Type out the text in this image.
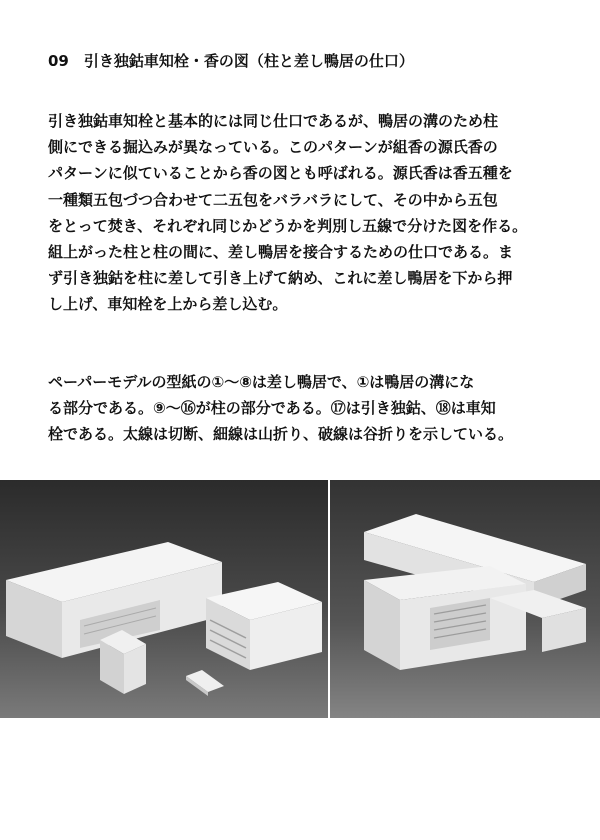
09　引き独鈷車知栓・香の図（柱と差し鴨居の仕口）
引き独鈷車知栓と基本的には同じ仕口であるが、鴨居の溝のため柱
側にできる掘込みが異なっている。このパターンが組香の源氏香の
パターンに似ていることから香の図とも呼ばれる。源氏香は香五種を
一種類五包づつ合わせて二五包をバラバラにして、その中から五包
をとって焚き、それぞれ同じかどうかを判別し五線で分けた図を作る。
組上がった柱と柱の間に、差し鴨居を接合するための仕口である。ま
ず引き独鈷を柱に差して引き上げて納め、これに差し鴨居を下から押
し上げ、車知栓を上から差し込む。
ペーパーモデルの型紙の①～⑧は差し鴨居で、①は鴨居の溝にな
る部分である。⑨～⑯が柱の部分である。⑰は引き独鈷、⑱は車知
栓である。太線は切断、細線は山折り、破線は谷折りを示している。
